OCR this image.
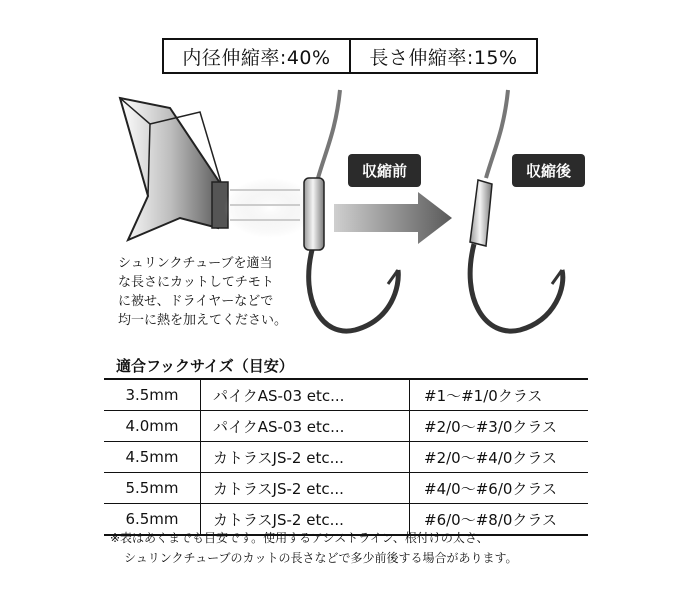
内径伸縮率:40%	長さ伸縮率:15%
収縮前	収縮後
シュリンクチューブを適当
な長さにカットしてチモト
に被せ、ドライヤーなどで
均一に熱を加えてください。
適合フックサイズ（目安）
3.5mm	パイクAS-03 etc...	#1〜#1/0クラス
4.0mm	パイクAS-03 etc...	#2/0〜#3/0クラス
4.5mm	カトラスJS-2 etc...	#2/0〜#4/0クラス
5.5mm	カトラスJS-2 etc...	#4/0〜#6/0クラス
6.5mm	カトラスJS-2 etc...	#6/0〜#8/0クラス
※表はあくまでも目安です。使用するアシストライン、根付けの太さ、
シュリンクチューブのカットの長さなどで多少前後する場合があります。
